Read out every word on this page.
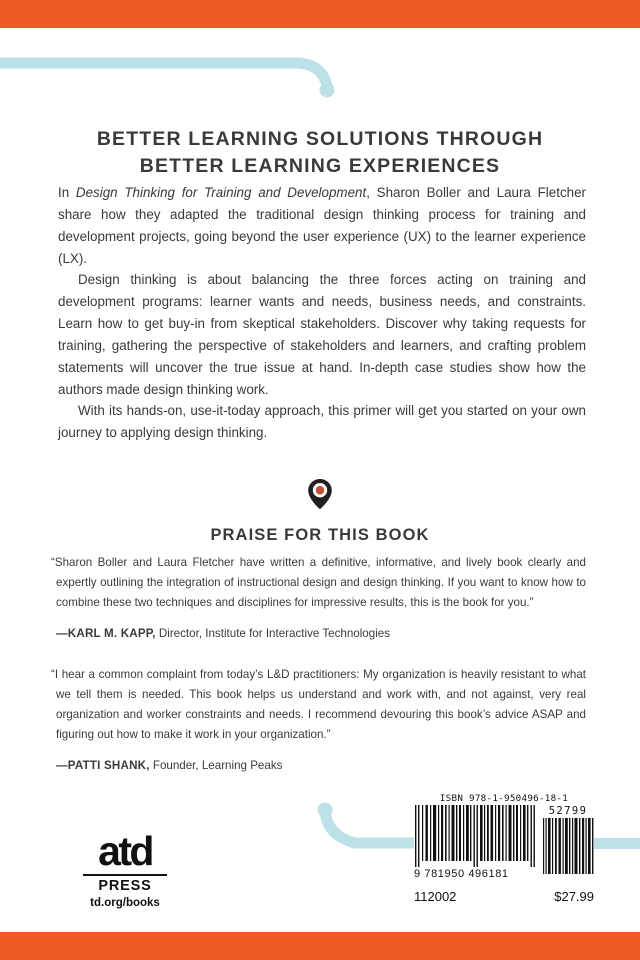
BETTER LEARNING SOLUTIONS THROUGH
BETTER LEARNING EXPERIENCES

In Design Thinking for Training and Development, Sharon Boller and Laura Fletcher share how they adapted the traditional design thinking process for training and development projects, going beyond the user experience (UX) to the learner experience (LX).

Design thinking is about balancing the three forces acting on training and development programs: learner wants and needs, business needs, and constraints. Learn how to get buy-in from skeptical stakeholders. Discover why taking requests for training, gathering the perspective of stakeholders and learners, and crafting problem statements will uncover the true issue at hand. In-depth case studies show how the authors made design thinking work.

With its hands-on, use-it-today approach, this primer will get you started on your own journey to applying design thinking.

PRAISE FOR THIS BOOK

“Sharon Boller and Laura Fletcher have written a definitive, informative, and lively book clearly and expertly outlining the integration of instructional design and design thinking. If you want to know how to combine these two techniques and disciplines for impressive results, this is the book for you.”

—KARL M. KAPP, Director, Institute for Interactive Technologies

“I hear a common complaint from today’s L&D practitioners: My organization is heavily resistant to what we tell them is needed. This book helps us understand and work with, and not against, very real organization and worker constraints and needs. I recommend devouring this book’s advice ASAP and figuring out how to make it work in your organization.”

—PATTI SHANK, Founder, Learning Peaks

atd
PRESS
td.org/books
ISBN 978-1-950496-18-1
9 781950 496181
52799
112002	$27.99
